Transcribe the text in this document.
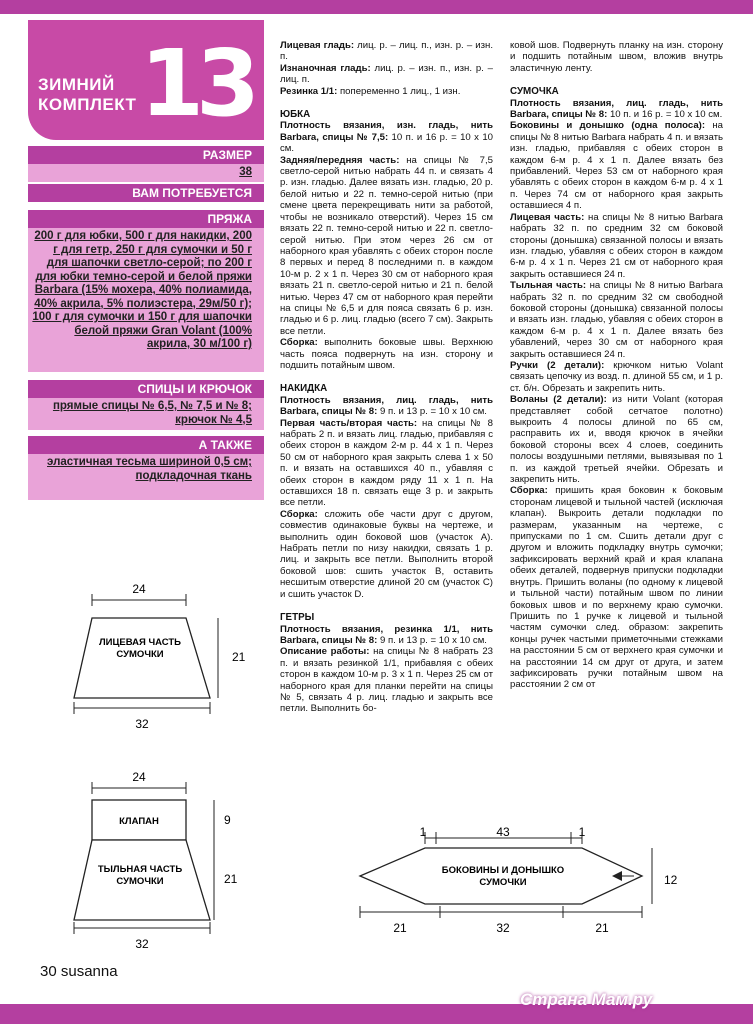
ЗИМНИЙ
КОМПЛЕКТ 13
РАЗМЕР
38
ВАМ ПОТРЕБУЕТСЯ
ПРЯЖА
200 г для юбки, 500 г для накидки, 200 г для гетр, 250 г для сумочки и 50 г для шапочки светло-серой; по 200 г для юбки темно-серой и белой пряжи Barbara (15% мохера, 40% полиамида, 40% акрила, 5% полиэстера, 29м/50 г); 100 г для сумочки и 150 г для шапочки белой пряжи Gran Volant (100% акрила, 30 м/100 г)
СПИЦЫ И КРЮЧОК
прямые спицы № 6,5, № 7,5 и № 8; крючок № 4,5
А ТАКЖЕ
эластичная тесьма шириной 0,5 см; подкладочная ткань

Лицевая гладь: лиц. р. – лиц. п., изн. р. – изн. п.

Изнаночная гладь: лиц. р. – изн. п., изн. р. – лиц. п.

Резинка 1/1: попеременно 1 лиц., 1 изн.

ЮБКА

Плотность вязания, изн. гладь, нить Barbara, спицы № 7,5: 10 п. и 16 р. = 10 х 10 см.

Задняя/передняя часть: на спицы № 7,5 светло-серой нитью набрать 44 п. и связать 4 р. изн. гладью. Далее вязать изн. гладью, 20 р. белой нитью и 22 п. темно-серой нитью (при смене цвета перекрещивать нити за работой, чтобы не возникало отверстий). Через 15 см вязать 22 п. темно-серой нитью и 22 п. светло-серой нитью. При этом через 26 см от наборного края убавлять с обеих сторон после 8 первых и перед 8 последними п. в каждом 10-м р. 2 х 1 п. Через 30 см от наборного края вязать 21 п. светло-серой нитью и 21 п. белой нитью. Через 47 см от наборного края перейти на спицы № 6,5 и для пояса связать 6 р. изн. гладью и 6 р. лиц. гладью (всего 7 см). Закрыть все петли.

Сборка: выполнить боковые швы. Верхнюю часть пояса подвернуть на изн. сторону и подшить потайным швом.

НАКИДКА

Плотность вязания, лиц. гладь, нить Barbara, спицы № 8: 9 п. и 13 р. = 10 х 10 см.

Первая часть/вторая часть: на спицы № 8 набрать 2 п. и вязать лиц. гладью, прибавляя с обеих сторон в каждом 2-м р. 44 х 1 п. Через 50 см от наборного края закрыть слева 1 х 50 п. и вязать на оставшихся 40 п., убавляя с обеих сторон в каждом ряду 11 х 1 п. На оставшихся 18 п. связать еще 3 р. и закрыть все петли.

Сборка: сложить обе части друг с другом, совместив одинаковые буквы на чертеже, и выполнить один боковой шов (участок А). Набрать петли по низу накидки, связать 1 р. лиц. и закрыть все петли. Выполнить второй боковой шов: сшить участок В, оставить несшитым отверстие длиной 20 см (участок С) и сшить участок D.

ГЕТРЫ

Плотность вязания, резинка 1/1, нить Barbara, спицы № 8: 9 п. и 13 р. = 10 х 10 см.

Описание работы: на спицы № 8 набрать 23 п. и вязать резинкой 1/1, прибавляя с обеих сторон в каждом 10-м р. 3 х 1 п. Через 25 см от наборного края для планки перейти на спицы № 5, связать 4 р. лиц. гладью и закрыть все петли. Выполнить бо-

ковой шов. Подвернуть планку на изн. сторону и подшить потайным швом, вложив внутрь эластичную ленту.

СУМОЧКА

Плотность вязания, лиц. гладь, нить Barbara, спицы № 8: 10 п. и 16 р. = 10 х 10 см.

Боковины и донышко (одна полоса): на спицы № 8 нитью Barbara набрать 4 п. и вязать изн. гладью, прибавляя с обеих сторон в каждом 6-м р. 4 х 1 п. Далее вязать без прибавлений. Через 53 см от наборного края убавлять с обеих сторон в каждом 6-м р. 4 х 1 п. Через 74 см от наборного края закрыть оставшиеся 4 п.

Лицевая часть: на спицы № 8 нитью Barbara набрать 32 п. по средним 32 см боковой стороны (донышка) связанной полосы и вязать изн. гладью, убавляя с обеих сторон в каждом 6-м р. 4 х 1 п. Через 21 см от наборного края закрыть оставшиеся 24 п.

Тыльная часть: на спицы № 8 нитью Barbara набрать 32 п. по средним 32 см свободной боковой стороны (донышка) связанной полосы и вязать изн. гладью, убавляя с обеих сторон в каждом 6-м р. 4 х 1 п. Далее вязать без убавлений, через 30 см от наборного края закрыть оставшиеся 24 п.

Ручки (2 детали): крючком нитью Volant связать цепочку из возд. п. длиной 55 см, и 1 р. ст. б/н. Обрезать и закрепить нить.

Воланы (2 детали): из нити Volant (которая представляет собой сетчатое полотно) выкроить 4 полосы длиной по 65 см, расправить их и, вводя крючок в ячейки боковой стороны всех 4 слоев, соединить полосы воздушными петлями, вывязывая по 1 п. из каждой третьей ячейки. Обрезать и закрепить нить.

Сборка: пришить края боковин к боковым сторонам лицевой и тыльной частей (исключая клапан). Выкроить детали подкладки по размерам, указанным на чертеже, с припусками по 1 см. Сшить детали друг с другом и вложить подкладку внутрь сумочки; зафиксировать верхний край и края клапана обеих деталей, подвернув припуски подкладки внутрь. Пришить воланы (по одному к лицевой и тыльной части) потайным швом по линии боковых швов и по верхнему краю сумочки. Пришить по 1 ручке к лицевой и тыльной частям сумочки след. образом: закрепить концы ручек частыми приметочными стежками на расстоянии 5 см от верхнего края сумочки и на расстоянии 14 см друг от друга, и затем зафиксировать ручки потайным швом на расстоянии 2 см от

24
ЛИЦЕВАЯ ЧАСТЬ
СУМОЧКИ	21
32
24
КЛАПАН
ТЫЛЬНАЯ ЧАСТЬ
СУМОЧКИ
9
21
32
1	43	1
БОКОВИНЫ И ДОНЫШКО
СУМОЧКИ	12
21	32	21
30 susanna
Страна Мам.ру
